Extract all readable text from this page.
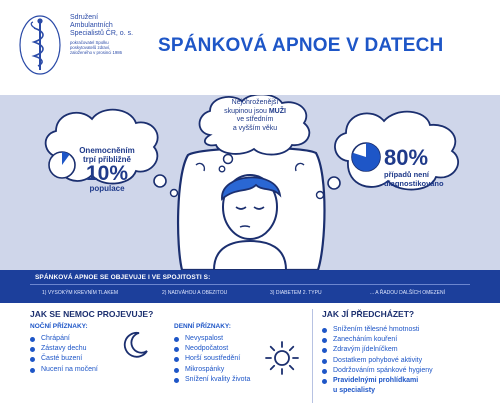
Sdružení
Ambulantních
Specialistů ČR, o. s.
pokračovatel Spolku
poskytovatelů zdraví,
založeného v prosinci 1986	SPÁNKOVÁ APNOE V DATECH
Onemocněním
trpí přibližně
10%
populace
Nejohroženější
skupinou jsou MUŽI
ve středním
a vyšším věku
80%
případů není
diagnostikováno
SPÁNKOVÁ APNOE SE OBJEVUJE I VE SPOJITOSTI S:
1) VYSOKÝM KREVNÍM TLAKEM	2) NADVÁHOU A OBEZITOU	3) DIABETEM 2. TYPU	... A ŘADOU DALŠÍCH OMEZENÍ
JAK SE NEMOC PROJEVUJE?
NOČNÍ PŘÍZNAKY:
Chrápání
Zástavy dechu
Časté buzení
Nucení na močení
DENNÍ PŘÍZNAKY:
Nevyspalost
Neodpočatost
Horší soustředění
Mikrospánky
Snížení kvality života
JAK JÍ PŘEDCHÁZET?
Snížením tělesné hmotnosti
Zanecháním kouření
Zdravým jídelníčkem
Dostatkem pohybové aktivity
Dodržováním spánkové hygieny
Pravidelnými prohlídkami
u specialisty
